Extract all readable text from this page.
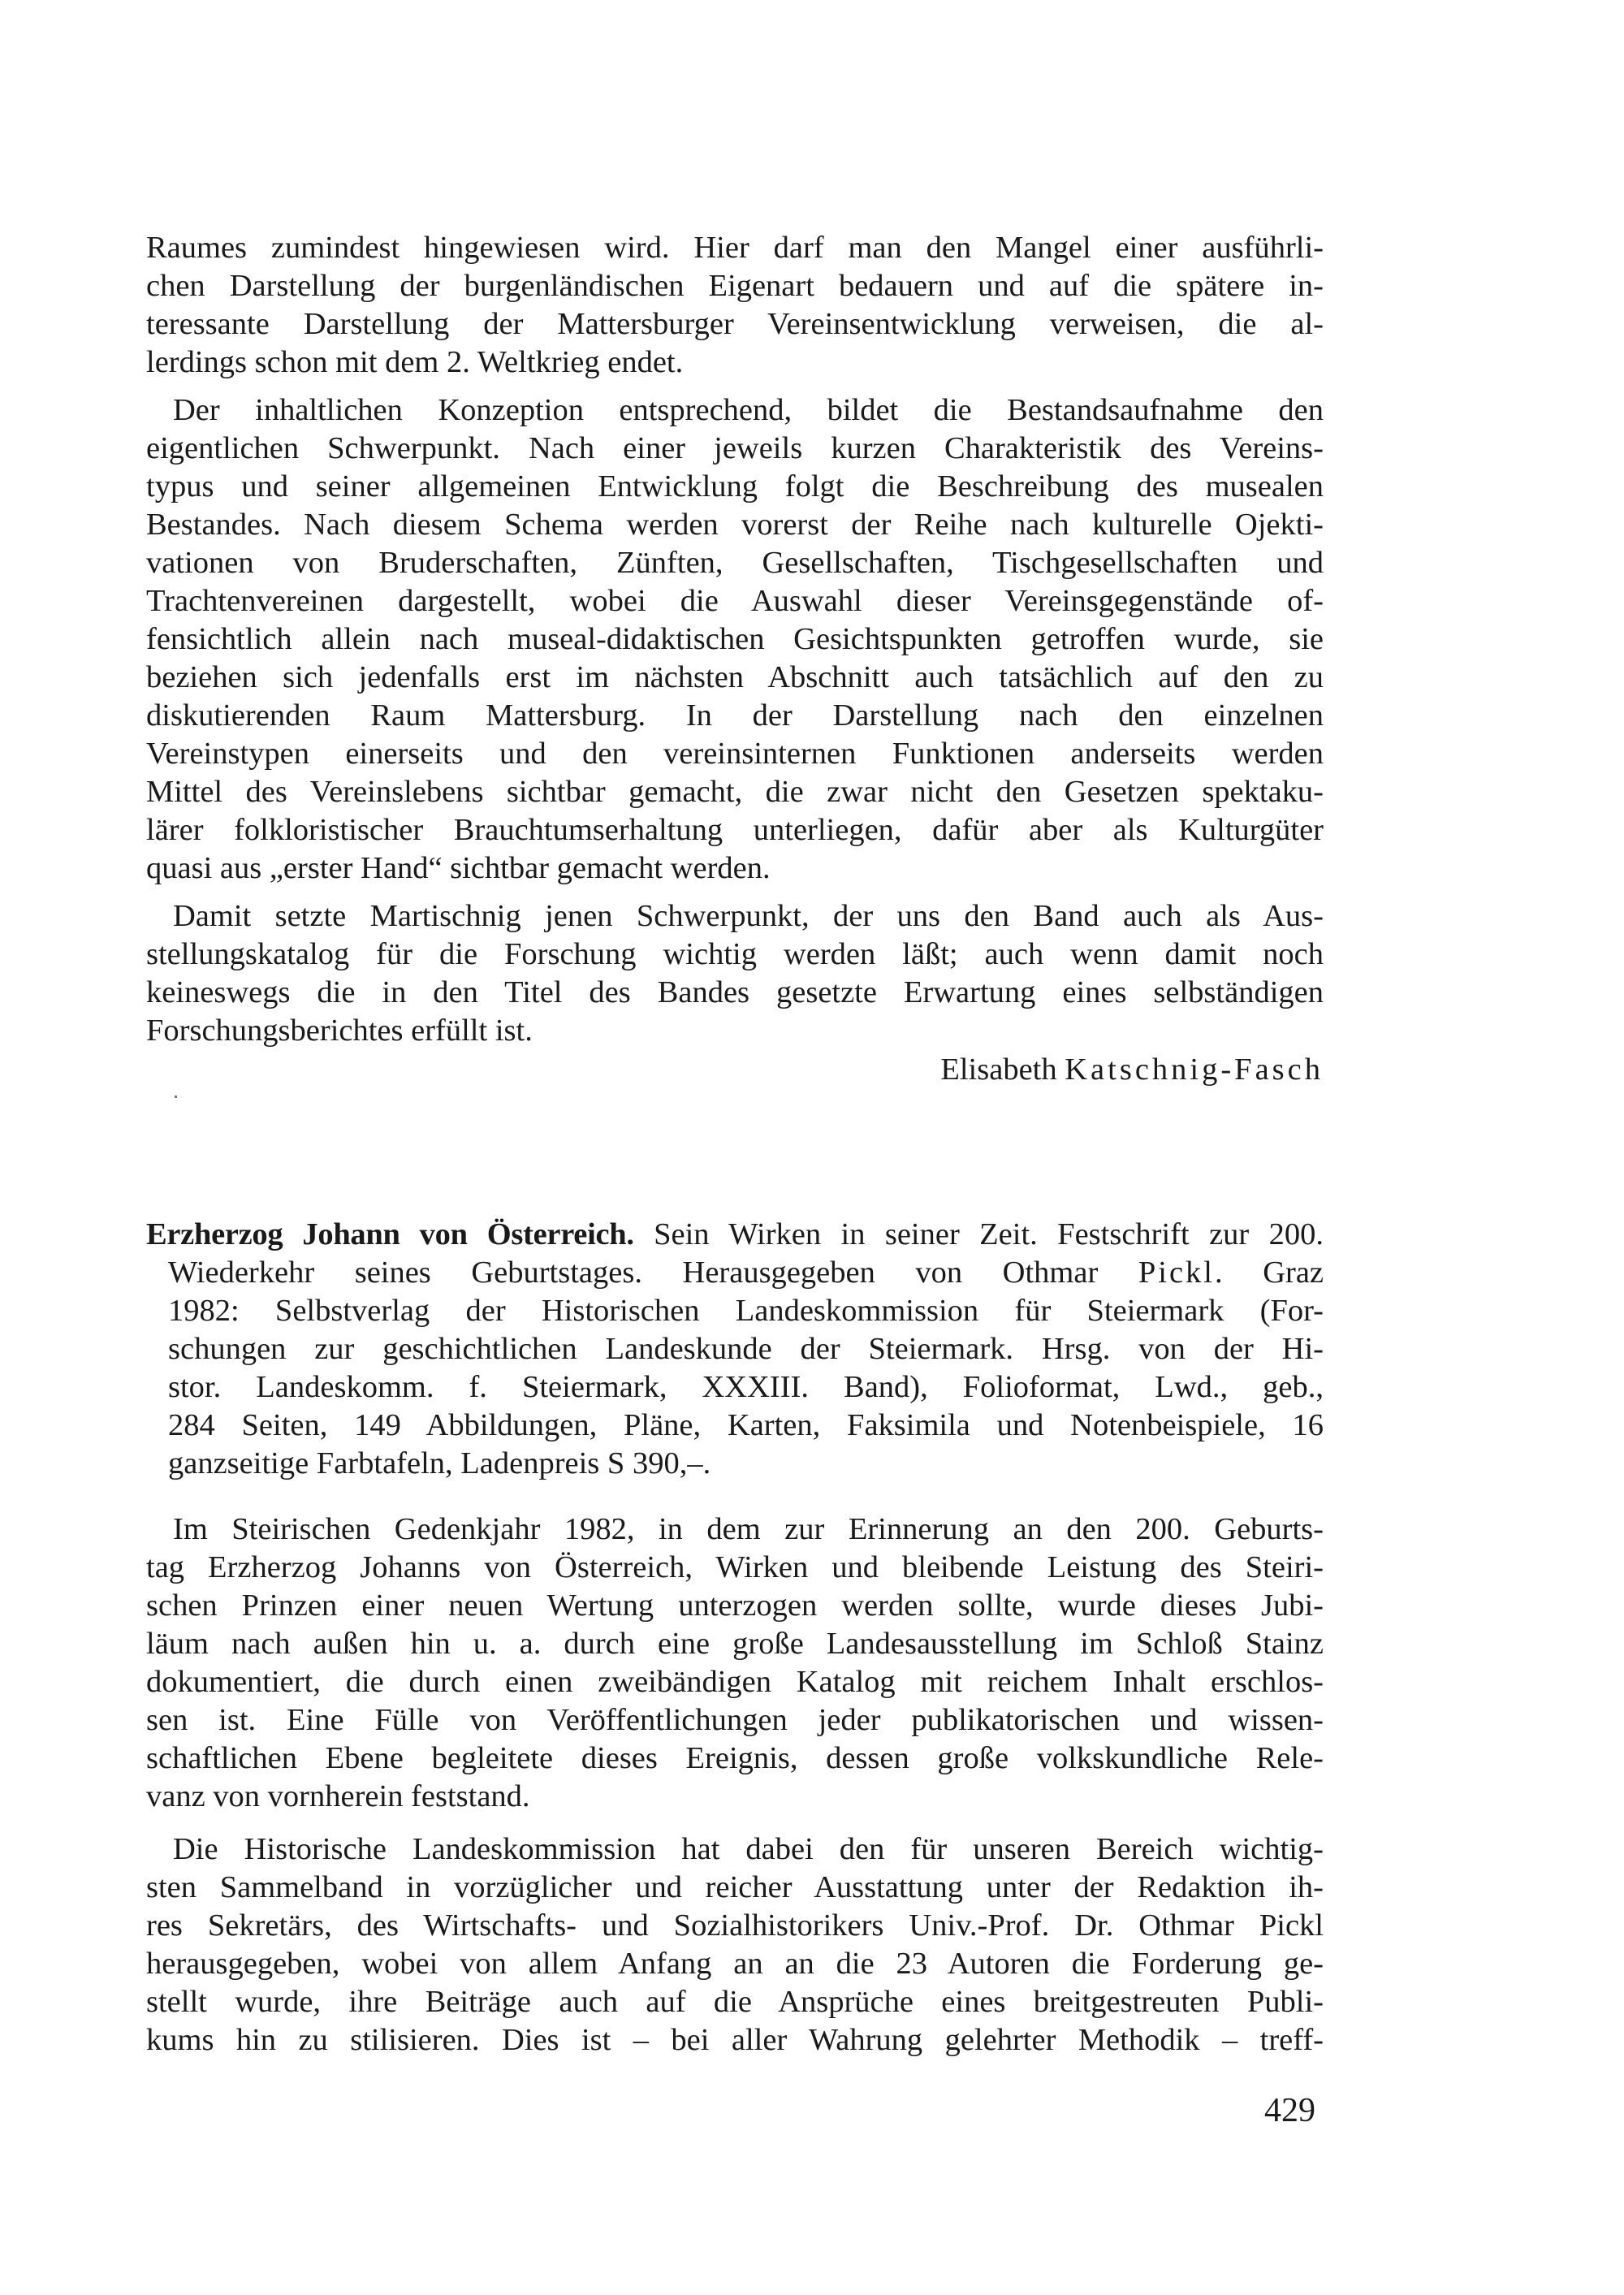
Raumes zumindest hingewiesen wird. Hier darf man den Mangel einer ausführli-
chen Darstellung der burgenländischen Eigenart bedauern und auf die spätere in-
teressante Darstellung der Mattersburger Vereinsentwicklung verweisen, die al-
lerdings schon mit dem 2. Weltkrieg endet.
Der inhaltlichen Konzeption entsprechend, bildet die Bestandsaufnahme den
eigentlichen Schwerpunkt. Nach einer jeweils kurzen Charakteristik des Vereins-
typus und seiner allgemeinen Entwicklung folgt die Beschreibung des musealen
Bestandes. Nach diesem Schema werden vorerst der Reihe nach kulturelle Ojekti-
vationen von Bruderschaften, Zünften, Gesellschaften, Tischgesellschaften und
Trachtenvereinen dargestellt, wobei die Auswahl dieser Vereinsgegenstände of-
fensichtlich allein nach museal-didaktischen Gesichtspunkten getroffen wurde, sie
beziehen sich jedenfalls erst im nächsten Abschnitt auch tatsächlich auf den zu
diskutierenden Raum Mattersburg. In der Darstellung nach den einzelnen
Vereinstypen einerseits und den vereinsinternen Funktionen anderseits werden
Mittel des Vereinslebens sichtbar gemacht, die zwar nicht den Gesetzen spektaku-
lärer folkloristischer Brauchtumserhaltung unterliegen, dafür aber als Kulturgüter
quasi aus „erster Hand“ sichtbar gemacht werden.
Damit setzte Martischnig jenen Schwerpunkt, der uns den Band auch als Aus-
stellungskatalog für die Forschung wichtig werden läßt; auch wenn damit noch
keineswegs die in den Titel des Bandes gesetzte Erwartung eines selbständigen
Forschungsberichtes erfüllt ist.
Elisabeth Katschnig-Fasch
Erzherzog Johann von Österreich. Sein Wirken in seiner Zeit. Festschrift zur 200.
Wiederkehr seines Geburtstages. Herausgegeben von Othmar Pickl. Graz
1982: Selbstverlag der Historischen Landeskommission für Steiermark (For-
schungen zur geschichtlichen Landeskunde der Steiermark. Hrsg. von der Hi-
stor. Landeskomm. f. Steiermark, XXXIII. Band), Folioformat, Lwd., geb.,
284 Seiten, 149 Abbildungen, Pläne, Karten, Faksimila und Notenbeispiele, 16
ganzseitige Farbtafeln, Ladenpreis S 390,–.
Im Steirischen Gedenkjahr 1982, in dem zur Erinnerung an den 200. Geburts-
tag Erzherzog Johanns von Österreich, Wirken und bleibende Leistung des Steiri-
schen Prinzen einer neuen Wertung unterzogen werden sollte, wurde dieses Jubi-
läum nach außen hin u. a. durch eine große Landesausstellung im Schloß Stainz
dokumentiert, die durch einen zweibändigen Katalog mit reichem Inhalt erschlos-
sen ist. Eine Fülle von Veröffentlichungen jeder publikatorischen und wissen-
schaftlichen Ebene begleitete dieses Ereignis, dessen große volkskundliche Rele-
vanz von vornherein feststand.
Die Historische Landeskommission hat dabei den für unseren Bereich wichtig-
sten Sammelband in vorzüglicher und reicher Ausstattung unter der Redaktion ih-
res Sekretärs, des Wirtschafts- und Sozialhistorikers Univ.-Prof. Dr. Othmar Pickl
herausgegeben, wobei von allem Anfang an an die 23 Autoren die Forderung ge-
stellt wurde, ihre Beiträge auch auf die Ansprüche eines breitgestreuten Publi-
kums hin zu stilisieren. Dies ist – bei aller Wahrung gelehrter Methodik – treff-
429
